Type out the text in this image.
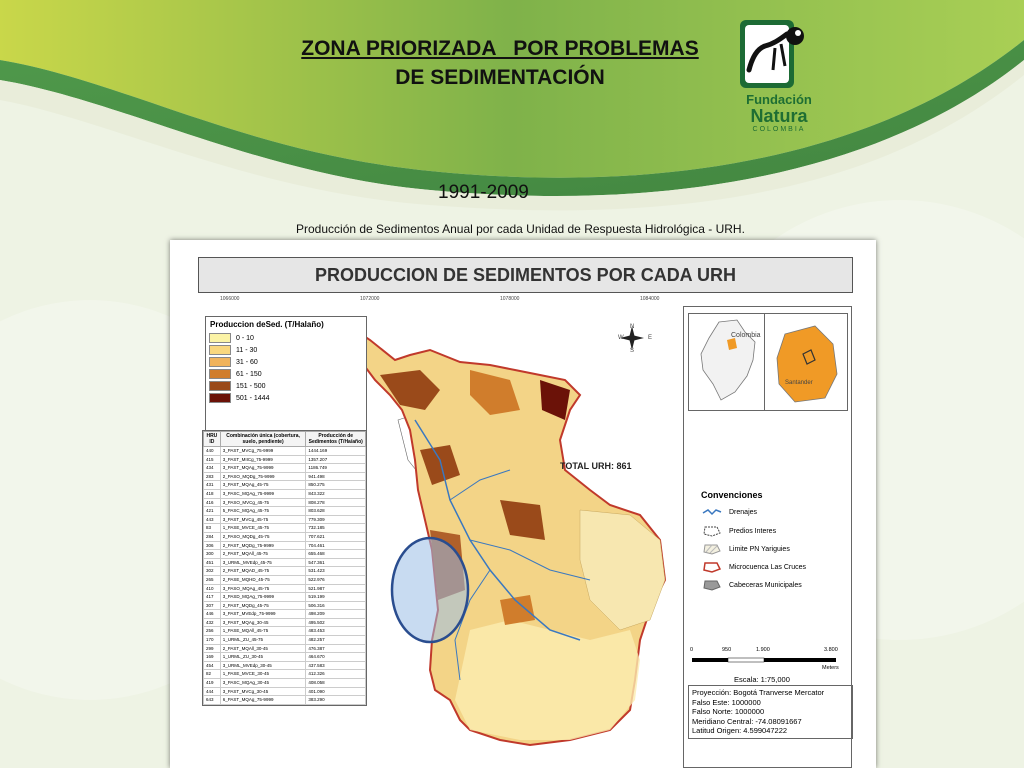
ZONA PRIORIZADA   POR PROBLEMAS
DE SEDIMENTACIÓN
Fundación
Natura
COLOMBIA
1991-2009
Producción de Sedimentos Anual por cada Unidad de Respuesta Hidrológica - URH.
PRODUCCION DE SEDIMENTOS POR CADA URH
1066000	1072000	1078000	1084000
N
W	E
S
TOTAL URH: 861
Produccion deSed. (T/Halaño)
0 - 10
11 - 30
31 - 60
61 - 150
151 - 500
501 - 1444
HRU ID	Combinación única (cobertura, suelo, pendiente)	Producción de Sedimentos (T/Ha/año)
440	3_PAST_MVCg_75-9999	1444.169
415	3_PAST_MIICg_75-9999	1357.207
434	3_PAST_MQAg_75-9999	1186.749
283	2_PASO_MQDg_75-9999	941.498
431	3_PAST_MQAg_45-75	850.275
418	3_PASC_MQAg_75-9999	843.322
416	3_PASO_MVCg_45-75	808.278
421	5_PASC_MQAg_45-75	803.628
443	3_PAST_MVCg_45-75	779.309
83	1_PASE_MVCE_45-75	732.185
284	2_PASO_MQDg_45-75	707.621
306	2_PAST_MQDg_75-9999	704.461
300	2_PAST_MQAll_45-75	655.468
451	3_URML_MVEdp_45-75	547.361
302	2_PAST_MQAD_45-75	531.423
265	2_PASE_MQHD_45-75	522.976
410	3_PASO_MQAg_45-75	521.987
417	3_PASD_MQAg_75-9999	519.199
307	2_PAST_MQDg_45-75	506.316
446	3_PAST_MVEdp_75-9999	498.209
432	3_PAST_MQAg_30-45	495.502
256	1_PASE_MQAll_45-75	483.453
170	1_URML_ZU_45-75	482.257
299	2_PAST_MQAll_30-45	476.387
169	1_URML_ZU_30-45	464.670
454	3_URML_MVEdp_30-45	437.583
82	1_PASE_MVCE_30-45	412.326
419	3_PASC_MQAg_30-45	408.058
444	3_PAST_MVCg_30-45	401.090
643	6_PAST_MQAg_75-9999	383.290
Colombia
Santander
Convenciones
Drenajes
Predios Interes
Limite PN Yariguies
Microcuenca Las Cruces
Cabeceras Municipales
0	950	1.900	3.800
Meters
Escala: 1:75,000
Proyección: Bogotá Tranverse Mercator
Falso Este: 1000000
Falso Norte: 1000000
Meridiano Central: -74.08091667
Latitud Origen: 4.599047222
